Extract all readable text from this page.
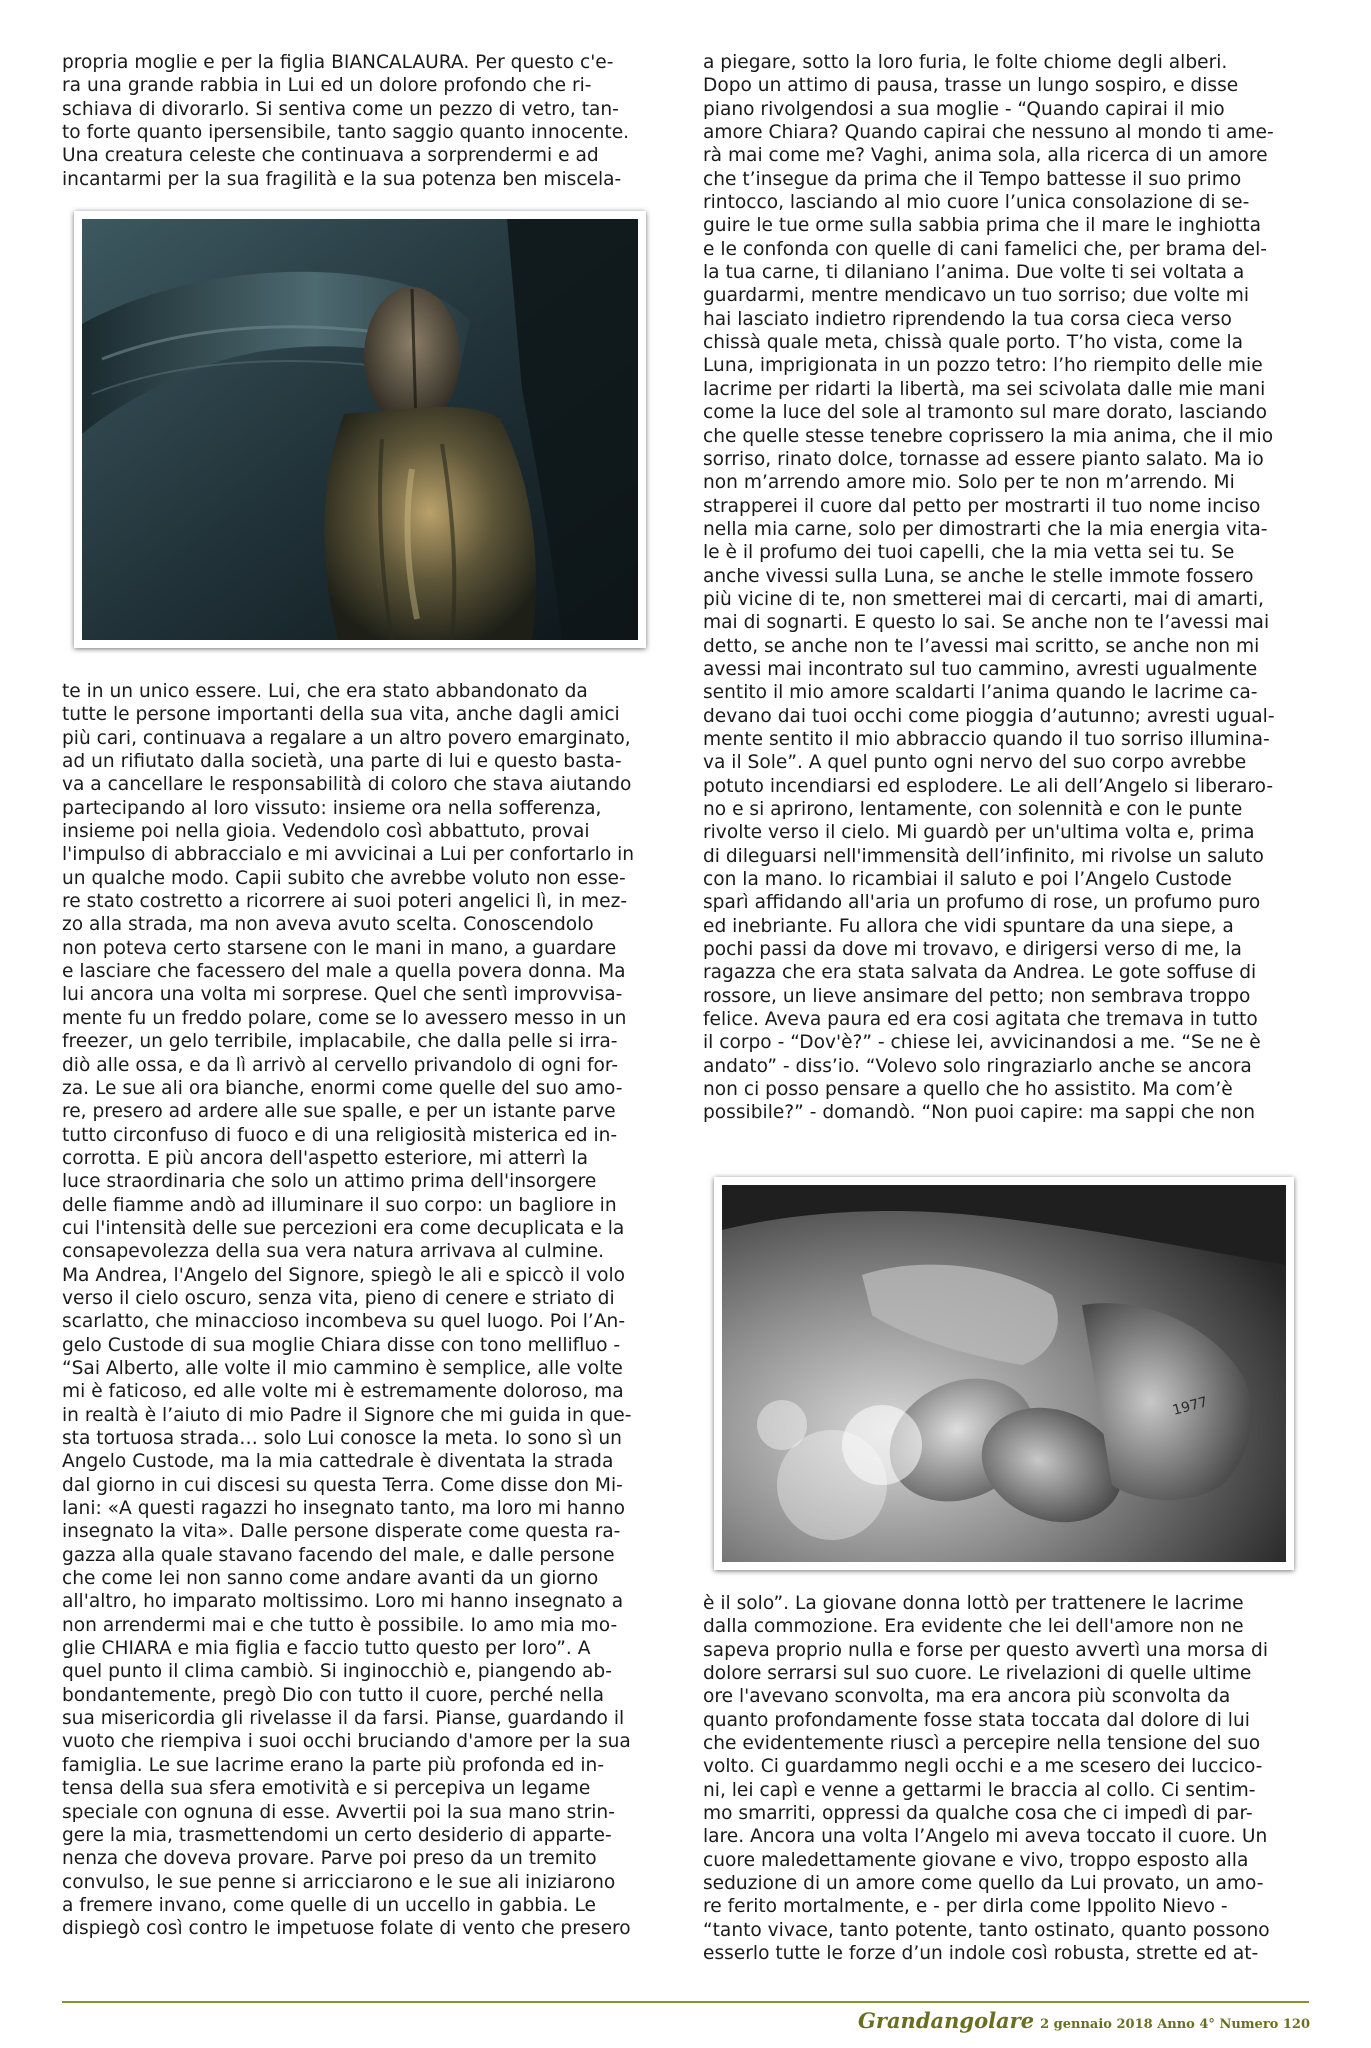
propria moglie e per la figlia BIANCALAURA. Per questo c'e-
ra una grande rabbia in Lui ed un dolore profondo che ri-
schiava di divorarlo. Si sentiva come un pezzo di vetro, tan-
to forte quanto ipersensibile, tanto saggio quanto innocente.
Una creatura celeste che continuava a sorprendermi e ad
incantarmi per la sua fragilità e la sua potenza ben miscela-

te in un unico essere. Lui, che era stato abbandonato da
tutte le persone importanti della sua vita, anche dagli amici
più cari, continuava a regalare a un altro povero emarginato,
ad un rifiutato dalla società, una parte di lui e questo basta-
va a cancellare le responsabilità di coloro che stava aiutando
partecipando al loro vissuto: insieme ora nella sofferenza,
insieme poi nella gioia. Vedendolo così abbattuto, provai
l'impulso di abbraccialo e mi avvicinai a Lui per confortarlo in
un qualche modo. Capii subito che avrebbe voluto non esse-
re stato costretto a ricorrere ai suoi poteri angelici lì, in mez-
zo alla strada, ma non aveva avuto scelta. Conoscendolo
non poteva certo starsene con le mani in mano, a guardare
e lasciare che facessero del male a quella povera donna. Ma
lui ancora una volta mi sorprese. Quel che sentì improvvisa-
mente fu un freddo polare, come se lo avessero messo in un
freezer, un gelo terribile, implacabile, che dalla pelle si irra-
diò alle ossa, e da lì arrivò al cervello privandolo di ogni for-
za. Le sue ali ora bianche, enormi come quelle del suo amo-
re, presero ad ardere alle sue spalle, e per un istante parve
tutto circonfuso di fuoco e di una religiosità misterica ed in-
corrotta. E più ancora dell'aspetto esteriore, mi atterrì la
luce straordinaria che solo un attimo prima dell'insorgere
delle fiamme andò ad illuminare il suo corpo: un bagliore in
cui l'intensità delle sue percezioni era come decuplicata e la
consapevolezza della sua vera natura arrivava al culmine.
Ma Andrea, l'Angelo del Signore, spiegò le ali e spiccò il volo
verso il cielo oscuro, senza vita, pieno di cenere e striato di
scarlatto, che minaccioso incombeva su quel luogo. Poi l’An-
gelo Custode di sua moglie Chiara disse con tono mellifluo -
“Sai Alberto, alle volte il mio cammino è semplice, alle volte
mi è faticoso, ed alle volte mi è estremamente doloroso, ma
in realtà è l’aiuto di mio Padre il Signore che mi guida in que-
sta tortuosa strada… solo Lui conosce la meta. Io sono sì un
Angelo Custode, ma la mia cattedrale è diventata la strada
dal giorno in cui discesi su questa Terra. Come disse don Mi-
lani: «A questi ragazzi ho insegnato tanto, ma loro mi hanno
insegnato la vita». Dalle persone disperate come questa ra-
gazza alla quale stavano facendo del male, e dalle persone
che come lei non sanno come andare avanti da un giorno
all'altro, ho imparato moltissimo. Loro mi hanno insegnato a
non arrendermi mai e che tutto è possibile. Io amo mia mo-
glie CHIARA e mia figlia e faccio tutto questo per loro”. A
quel punto il clima cambiò. Si inginocchiò e, piangendo ab-
bondantemente, pregò Dio con tutto il cuore, perché nella
sua misericordia gli rivelasse il da farsi. Pianse, guardando il
vuoto che riempiva i suoi occhi bruciando d'amore per la sua
famiglia. Le sue lacrime erano la parte più profonda ed in-
tensa della sua sfera emotività e si percepiva un legame
speciale con ognuna di esse. Avvertii poi la sua mano strin-
gere la mia, trasmettendomi un certo desiderio di apparte-
nenza che doveva provare. Parve poi preso da un tremito
convulso, le sue penne si arricciarono e le sue ali iniziarono
a fremere invano, come quelle di un uccello in gabbia. Le
dispiegò così contro le impetuose folate di vento che presero

a piegare, sotto la loro furia, le folte chiome degli alberi.
Dopo un attimo di pausa, trasse un lungo sospiro, e disse
piano rivolgendosi a sua moglie - “Quando capirai il mio
amore Chiara? Quando capirai che nessuno al mondo ti ame-
rà mai come me? Vaghi, anima sola, alla ricerca di un amore
che t’insegue da prima che il Tempo battesse il suo primo
rintocco, lasciando al mio cuore l’unica consolazione di se-
guire le tue orme sulla sabbia prima che il mare le inghiotta
e le confonda con quelle di cani famelici che, per brama del-
la tua carne, ti dilaniano l’anima. Due volte ti sei voltata a
guardarmi, mentre mendicavo un tuo sorriso; due volte mi
hai lasciato indietro riprendendo la tua corsa cieca verso
chissà quale meta, chissà quale porto. T’ho vista, come la
Luna, imprigionata in un pozzo tetro: l’ho riempito delle mie
lacrime per ridarti la libertà, ma sei scivolata dalle mie mani
come la luce del sole al tramonto sul mare dorato, lasciando
che quelle stesse tenebre coprissero la mia anima, che il mio
sorriso, rinato dolce, tornasse ad essere pianto salato. Ma io
non m’arrendo amore mio. Solo per te non m’arrendo. Mi
strapperei il cuore dal petto per mostrarti il tuo nome inciso
nella mia carne, solo per dimostrarti che la mia energia vita-
le è il profumo dei tuoi capelli, che la mia vetta sei tu. Se
anche vivessi sulla Luna, se anche le stelle immote fossero
più vicine di te, non smetterei mai di cercarti, mai di amarti,
mai di sognarti. E questo lo sai. Se anche non te l’avessi mai
detto, se anche non te l’avessi mai scritto, se anche non mi
avessi mai incontrato sul tuo cammino, avresti ugualmente
sentito il mio amore scaldarti l’anima quando le lacrime ca-
devano dai tuoi occhi come pioggia d’autunno; avresti ugual-
mente sentito il mio abbraccio quando il tuo sorriso illumina-
va il Sole”. A quel punto ogni nervo del suo corpo avrebbe
potuto incendiarsi ed esplodere. Le ali dell’Angelo si liberaro-
no e si aprirono, lentamente, con solennità e con le punte
rivolte verso il cielo. Mi guardò per un'ultima volta e, prima
di dileguarsi nell'immensità dell’infinito, mi rivolse un saluto
con la mano. Io ricambiai il saluto e poi l’Angelo Custode
sparì affidando all'aria un profumo di rose, un profumo puro
ed inebriante. Fu allora che vidi spuntare da una siepe, a
pochi passi da dove mi trovavo, e dirigersi verso di me, la
ragazza che era stata salvata da Andrea. Le gote soffuse di
rossore, un lieve ansimare del petto; non sembrava troppo
felice. Aveva paura ed era cosi agitata che tremava in tutto
il corpo - “Dov'è?” - chiese lei, avvicinandosi a me. “Se ne è
andato” - diss’io. “Volevo solo ringraziarlo anche se ancora
non ci posso pensare a quello che ho assistito. Ma com’è
possibile?” - domandò. “Non puoi capire: ma sappi che non

1977

è il solo”. La giovane donna lottò per trattenere le lacrime
dalla commozione. Era evidente che lei dell'amore non ne
sapeva proprio nulla e forse per questo avvertì una morsa di
dolore serrarsi sul suo cuore. Le rivelazioni di quelle ultime
ore l'avevano sconvolta, ma era ancora più sconvolta da
quanto profondamente fosse stata toccata dal dolore di lui
che evidentemente riuscì a percepire nella tensione del suo
volto. Ci guardammo negli occhi e a me scesero dei luccico-
ni, lei capì e venne a gettarmi le braccia al collo. Ci sentim-
mo smarriti, oppressi da qualche cosa che ci impedì di par-
lare. Ancora una volta l’Angelo mi aveva toccato il cuore. Un
cuore maledettamente giovane e vivo, troppo esposto alla
seduzione di un amore come quello da Lui provato, un amo-
re ferito mortalmente, e - per dirla come Ippolito Nievo -
“tanto vivace, tanto potente, tanto ostinato, quanto possono
esserlo tutte le forze d’un indole così robusta, strette ed at-

Grandangolare 2 gennaio 2018 Anno 4° Numero 120
